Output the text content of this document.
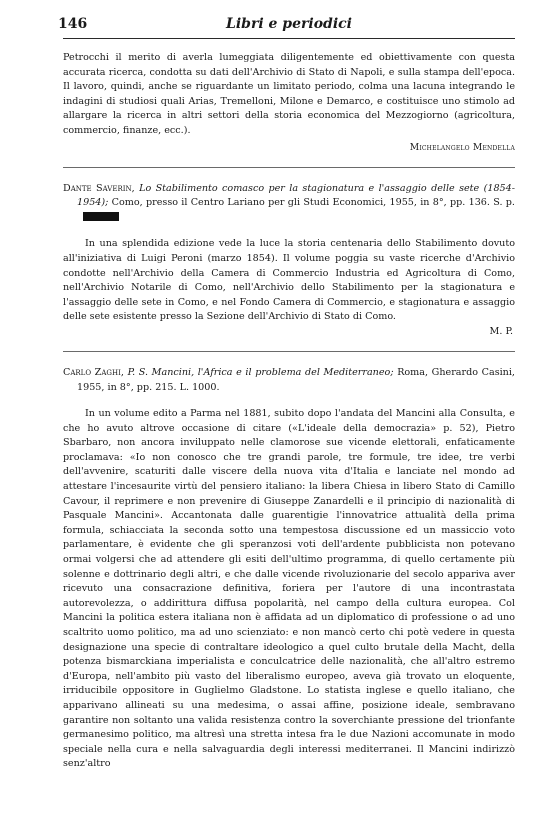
146	Libri e periodici

Petrocchi il merito di averla lumeggiata diligentemente ed obiettivamente con questa accurata ricerca, condotta su dati dell'Archivio di Stato di Napoli, e sulla stampa dell'epoca. Il lavoro, quindi, anche se riguardante un limitato periodo, colma una lacuna integrando le indagini di studiosi quali Arias, Tremelloni, Milone e Demarco, e costituisce uno stimolo ad allargare la ricerca in altri settori della storia economica del Mezzogiorno (agricoltura, commercio, finanze, ecc.).

Michelangelo Mendella

Dante Saverin, Lo Stabilimento comasco per la stagionatura e l'assaggio delle sete (1854-1954); Como, presso il Centro Lariano per gli Studi Economici, 1955, in 8°, pp. 136. S. p.

In una splendida edizione vede la luce la storia centenaria dello Stabilimento dovuto all'iniziativa di Luigi Peroni (marzo 1854). Il volume poggia su vaste ricerche d'Archivio condotte nell'Archivio della Camera di Commercio Industria ed Agricoltura di Como, nell'Archivio Notarile di Como, nell'Archivio dello Stabilimento per la stagionatura e l'assaggio delle sete in Como, e nel Fondo Camera di Commercio, e stagionatura e assaggio delle sete esistente presso la Sezione dell'Archivio di Stato di Como.

M. P.

Carlo Zaghi, P. S. Mancini, l'Africa e il problema del Mediterraneo; Roma, Gherardo Casini, 1955, in 8°, pp. 215. L. 1000.

In un volume edito a Parma nel 1881, subito dopo l'andata del Mancini alla Consulta, e che ho avuto altrove occasione di citare («L'ideale della democrazia» p. 52), Pietro Sbarbaro, non ancora inviluppato nelle clamorose sue vicende elettorali, enfaticamente proclamava: «Io non conosco che tre grandi parole, tre formule, tre idee, tre verbi dell'avvenire, scaturiti dalle viscere della nuova vita d'Italia e lanciate nel mondo ad attestare l'incesaurite virtù del pensiero italiano: la libera Chiesa in libero Stato di Camillo Cavour, il reprimere e non prevenire di Giuseppe Zanardelli e il principio di nazionalità di Pasquale Mancini». Accantonata dalle guarentigie l'innovatrice attualità della prima formula, schiacciata la seconda sotto una tempestosa discussione ed un massiccio voto parlamentare, è evidente che gli speranzosi voti dell'ardente pubblicista non potevano ormai volgersi che ad attendere gli esiti dell'ultimo programma, di quello certamente più solenne e dottrinario degli altri, e che dalle vicende rivoluzionarie del secolo appariva aver ricevuto una consacrazione definitiva, foriera per l'autore di una incontrastata autorevolezza, o addirittura diffusa popolarità, nel campo della cultura europea. Col Mancini la politica estera italiana non è affidata ad un diplomatico di professione o ad uno scaltrito uomo politico, ma ad uno scienziato: e non mancò certo chi potè vedere in questa designazione una specie di contraltare ideologico a quel culto brutale della Macht, della potenza bismarckiana imperialista e conculcatrice delle nazionalità, che all'altro estremo d'Europa, nell'ambito più vasto del liberalismo europeo, aveva già trovato un eloquente, irriducibile oppositore in Guglielmo Gladstone. Lo statista inglese e quello italiano, che apparivano allineati su una medesima, o assai affine, posizione ideale, sembravano garantire non soltanto una valida resistenza contro la soverchiante pressione del trionfante germanesimo politico, ma altresì una stretta intesa fra le due Nazioni accomunate in modo speciale nella cura e nella salvaguardia degli interessi mediterranei. Il Mancini indirizzò senz'altro
